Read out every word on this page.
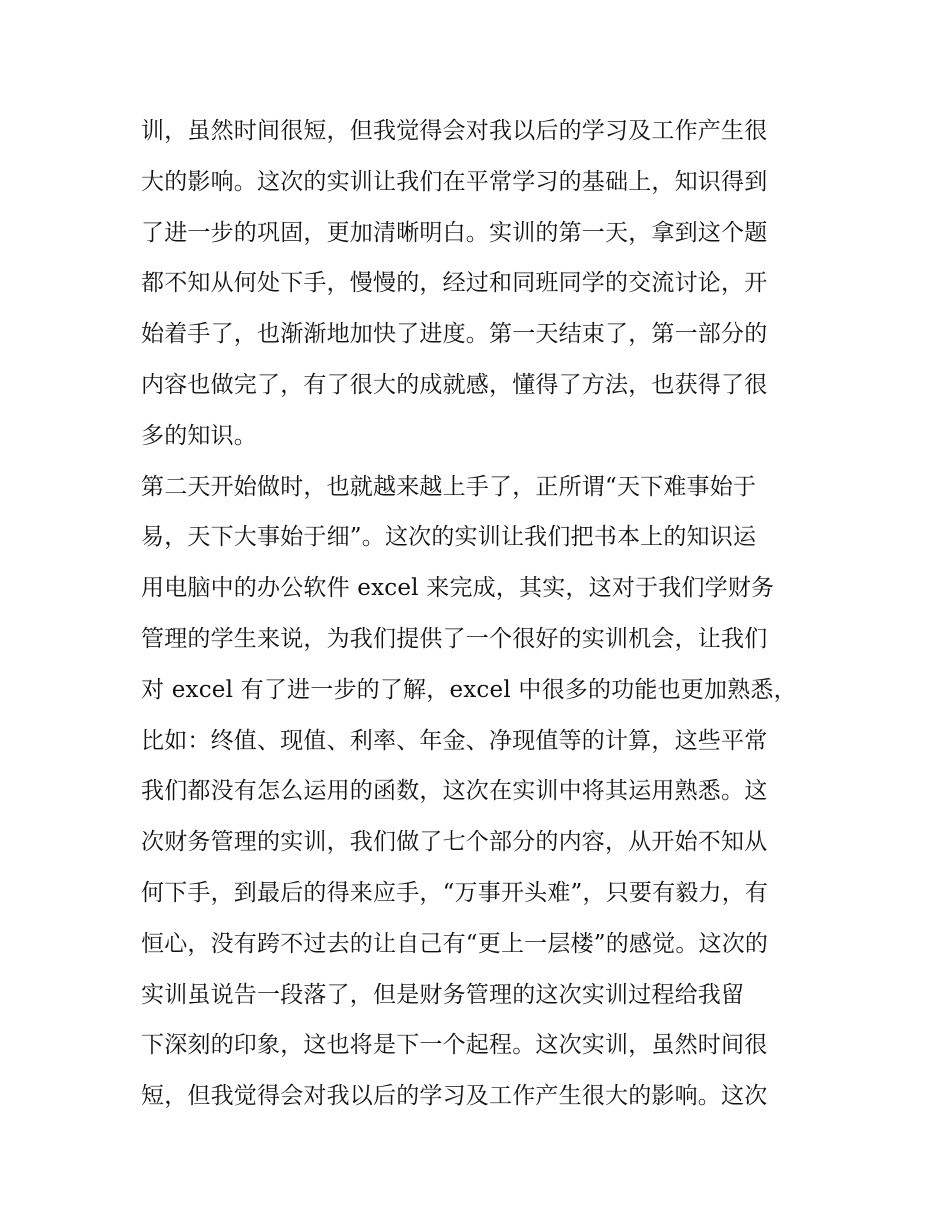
训，虽然时间很短，但我觉得会对我以后的学习及工作产生很
大的影响。这次的实训让我们在平常学习的基础上，知识得到
了进一步的巩固，更加清晰明白。实训的第一天，拿到这个题
都不知从何处下手，慢慢的，经过和同班同学的交流讨论，开
始着手了，也渐渐地加快了进度。第一天结束了，第一部分的
内容也做完了，有了很大的成就感，懂得了方法，也获得了很
多的知识。
第二天开始做时，也就越来越上手了，正所谓“天下难事始于
易，天下大事始于细”。这次的实训让我们把书本上的知识运
用电脑中的办公软件 excel 来完成，其实，这对于我们学财务
管理的学生来说，为我们提供了一个很好的实训机会，让我们
对 excel 有了进一步的了解，excel 中很多的功能也更加熟悉，
比如：终值、现值、利率、年金、净现值等的计算，这些平常
我们都没有怎么运用的函数，这次在实训中将其运用熟悉。这
次财务管理的实训，我们做了七个部分的内容，从开始不知从
何下手，到最后的得来应手，“万事开头难”，只要有毅力，有
恒心，没有跨不过去的让自己有“更上一层楼”的感觉。这次的
实训虽说告一段落了，但是财务管理的这次实训过程给我留
下深刻的印象，这也将是下一个起程。这次实训，虽然时间很
短，但我觉得会对我以后的学习及工作产生很大的影响。这次
